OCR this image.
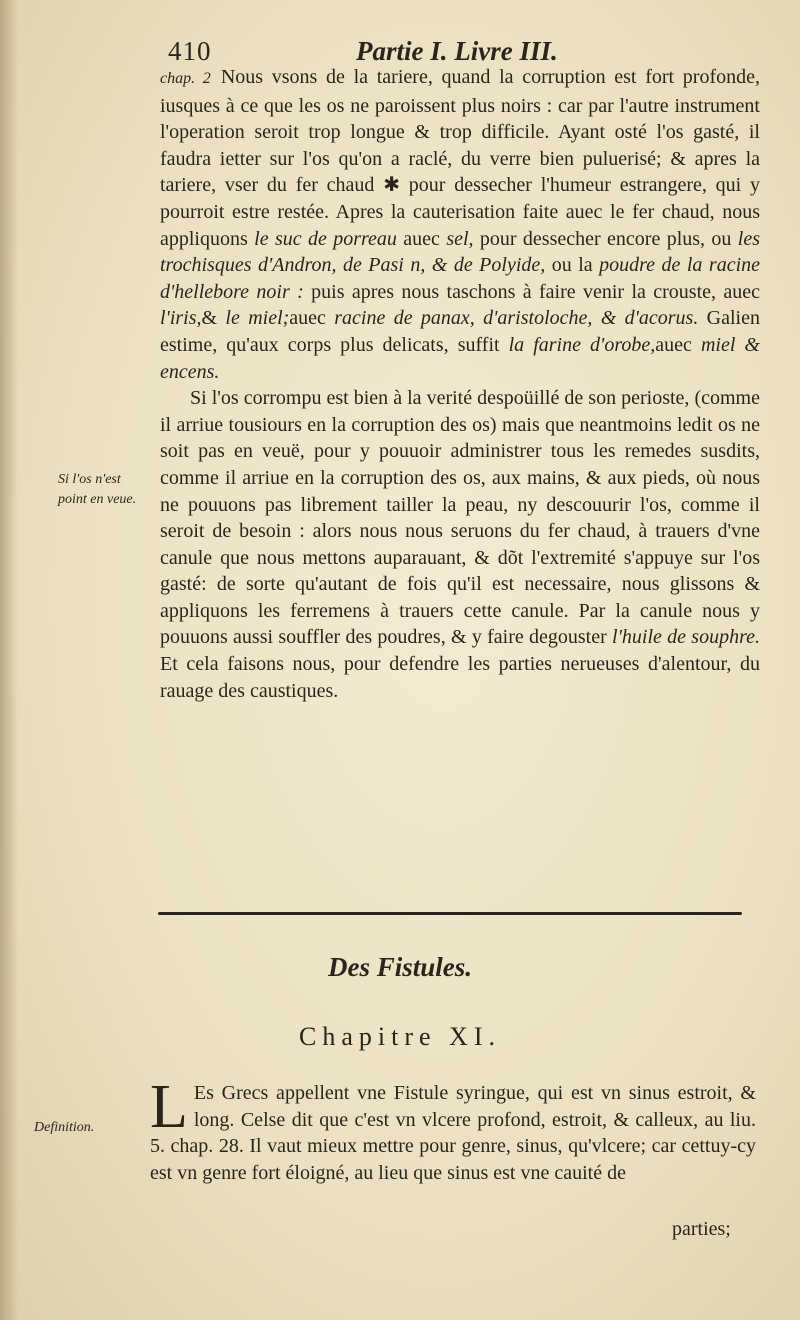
410	Partie I. Livre III.

chap. 2 Nous vsons de la tariere, quand la corruption est fort profonde, iusques à ce que les os ne paroissent plus noirs : car par l'autre instrument l'operation seroit trop longue & trop difficile. Ayant osté l'os gasté, il faudra ietter sur l'os qu'on a raclé, du verre bien puluerisé; & apres la tariere, vser du fer chaud ✱ pour dessecher l'humeur estrangere, qui y pourroit estre restée. Apres la cauterisation faite auec le fer chaud, nous appliquons le suc de porreau auec sel, pour dessecher encore plus, ou les trochisques d'Andron, de Pasi n, & de Polyide, ou la poudre de la racine d'hellebore noir : puis apres nous taschons à faire venir la crouste, auec l'iris,& le miel;auec racine de panax, d'aristoloche, & d'acorus. Galien estime, qu'aux corps plus delicats, suffit la farine d'orobe,auec miel & encens.

Si l'os corrompu est bien à la verité despoüillé de son perioste, (comme il arriue tousiours en la corruption des os) mais que neantmoins ledit os ne soit pas en veuë, pour y pouuoir administrer tous les remedes susdits, comme il arriue en la corruption des os, aux mains, & aux pieds, où nous ne pouuons pas librement tailler la peau, ny descouurir l'os, comme il seroit de besoin : alors nous nous seruons du fer chaud, à trauers d'vne canule que nous mettons auparauant, & dõt l'extremité s'appuye sur l'os gasté: de sorte qu'autant de fois qu'il est necessaire, nous glissons & appliquons les ferremens à trauers cette canule. Par la canule nous y pouuons aussi souffler des poudres, & y faire degouster l'huile de souphre. Et cela faisons nous, pour defendre les parties nerueuses d'alentour, du rauage des caustiques.

Si l'os n'est point en veue.
Des Fistules.
Chapitre XI.
Definition. L Es Grecs appellent vne Fistule syringue, qui est vn sinus estroit, & long. Celse dit que c'est vn vlcere profond, estroit, & calleux, au liu. 5. chap. 28. Il vaut mieux mettre pour genre, sinus, qu'vlcere; car cettuy-cy est vn genre fort éloigné, au lieu que sinus est vne cauité de
parties;
